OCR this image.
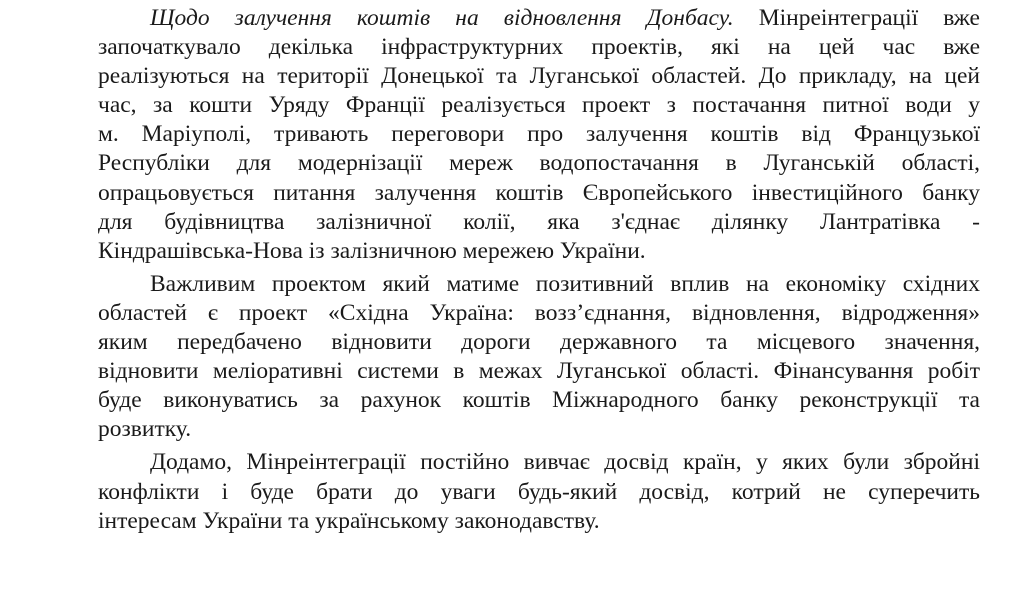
Щодо залучення коштів на відновлення Донбасу. Мінреінтеграції вже
започаткувало декілька інфраструктурних проектів, які на цей час вже
реалізуються на території Донецької та Луганської областей. До прикладу, на цей
час, за кошти Уряду Франції реалізується проект з постачання питної води у
м. Маріуполі, тривають переговори про залучення коштів від Французької
Республіки для модернізації мереж водопостачання в Луганській області,
опрацьовується питання залучення коштів Європейського інвестиційного банку
для будівництва залізничної колії, яка з'єднає ділянку Лантратівка -
Кіндрашівська-Нова із залізничною мережею України.
Важливим проектом який матиме позитивний вплив на економіку східних
областей є проект «Східна Україна: воззʼєднання, відновлення, відродження»
яким передбачено відновити дороги державного та місцевого значення,
відновити меліоративні системи в межах Луганської області. Фінансування робіт
буде виконуватись за рахунок коштів Міжнародного банку реконструкції та
розвитку.
Додамо, Мінреінтеграції постійно вивчає досвід країн, у яких були збройні
конфлікти і буде брати до уваги будь-який досвід, котрий не суперечить
інтересам України та українському законодавству.
